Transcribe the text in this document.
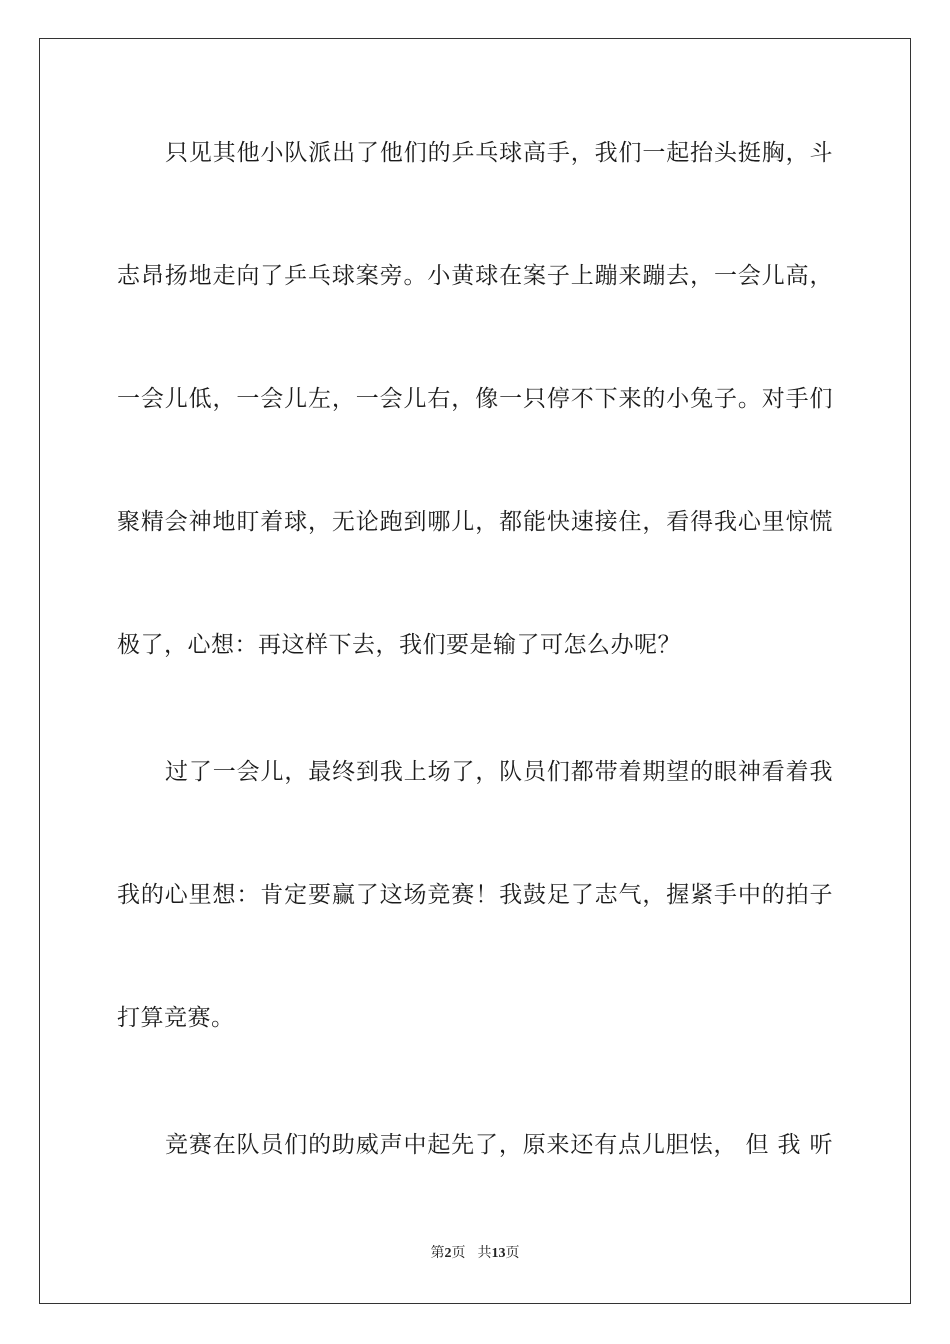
只见其他小队派出了他们的乒乓球高手，我们一起抬头挺胸，斗
志昂扬地走向了乒乓球案旁。小黄球在案子上蹦来蹦去，一会儿高，
一会儿低，一会儿左，一会儿右，像一只停不下来的小兔子。对手们
聚精会神地盯着球，无论跑到哪儿，都能快速接住，看得我心里惊慌
极了，心想：再这样下去，我们要是输了可怎么办呢？
过了一会儿，最终到我上场了，队员们都带着期望的眼神看着我
我的心里想：肯定要赢了这场竞赛！我鼓足了志气，握紧手中的拍子
打算竞赛。
竞赛在队员们的助威声中起先了，原来还有点儿胆怯， 但 我 听
第2页 共13页
